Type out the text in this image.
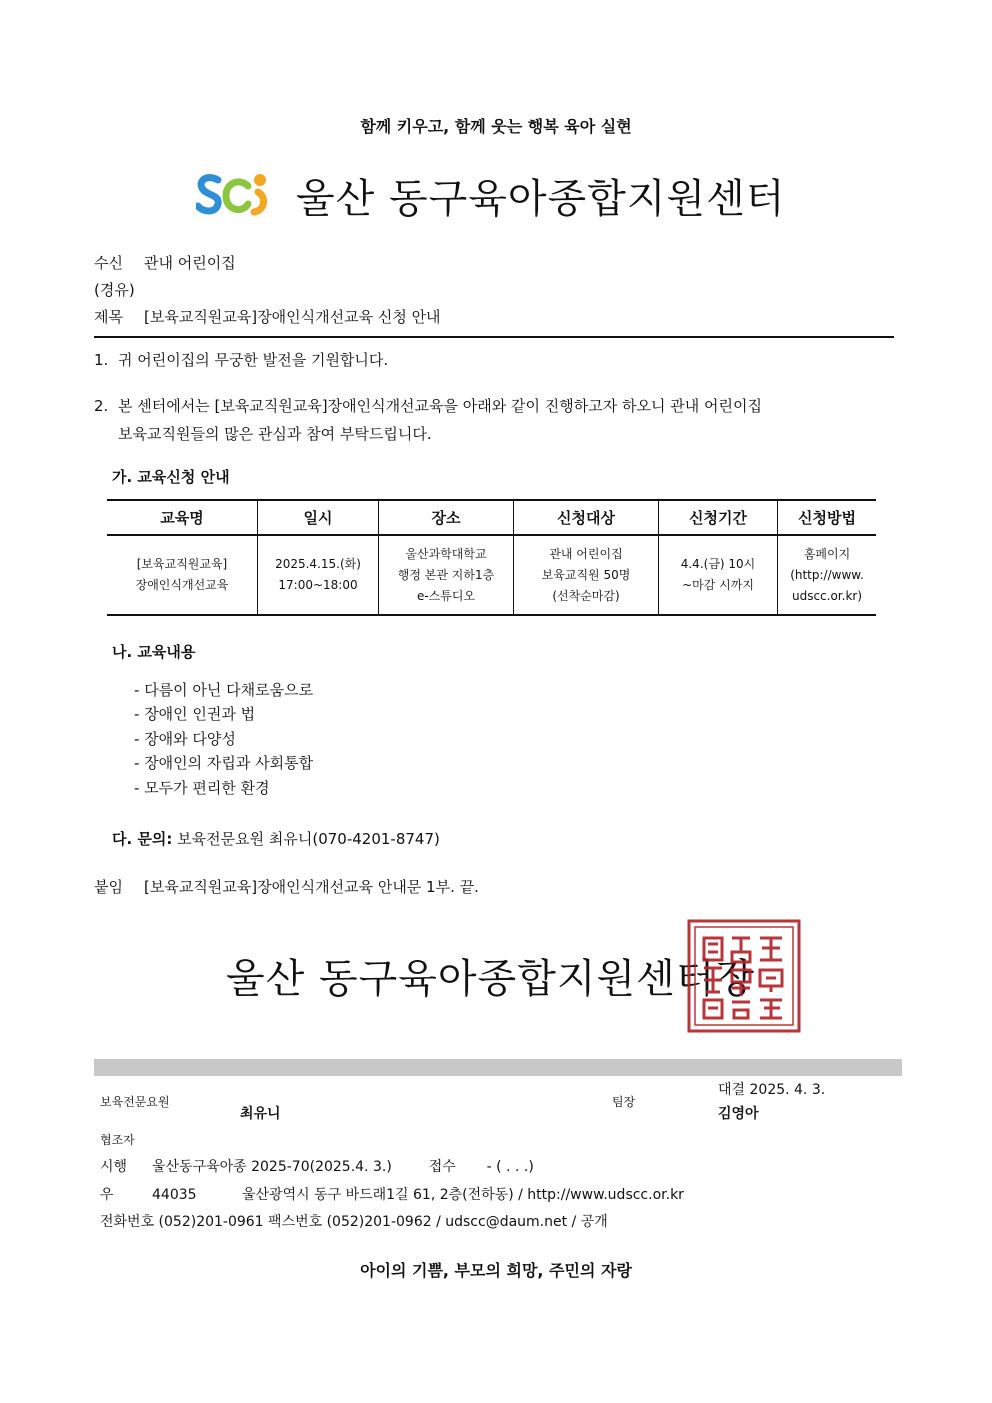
함께 키우고, 함께 웃는 행복 육아 실현
울산 동구육아종합지원센터
수신 관내 어린이집
(경유)
제목 [보육교직원교육]장애인식개선교육 신청 안내
1. 귀 어린이집의 무궁한 발전을 기원합니다.
2. 본 센터에서는 [보육교직원교육]장애인식개선교육을 아래와 같이 진행하고자 하오니 관내 어린이집
보육교직원들의 많은 관심과 참여 부탁드립니다.
가. 교육신청 안내
교육명	일시	장소	신청대상	신청기간	신청방법

[보육교직원교육]
장애인식개선교육	2025.4.15.(화)
17:00~18:00	울산과학대학교
행정 본관 지하1층
e-스튜디오	관내 어린이집
보육교직원 50명
(선착순마감)	4.4.(금) 10시
~마감 시까지	홈페이지
(http://www.
udscc.or.kr)
나. 교육내용
- 다름이 아닌 다채로움으로
- 장애인 인권과 법
- 장애와 다양성
- 장애인의 자립과 사회통합
- 모두가 편리한 환경
다. 문의: 보육전문요원 최유니(070-4201-8747)
붙임 [보육교직원교육]장애인식개선교육 안내문 1부. 끝.
울산 동구육아종합지원센터장
보육전문요원
최유니
팀장
대결 2025. 4. 3.
김영아
협조자
시행 울산동구육아종 2025-70(2025.4. 3.)	접수 - ( . . .)
우	44035	울산광역시 동구 바드래1길 61, 2층(전하동) / http://www.udscc.or.kr
전화번호 (052)201-0961 팩스번호 (052)201-0962 / udscc@daum.net / 공개
아이의 기쁨, 부모의 희망, 주민의 자랑
